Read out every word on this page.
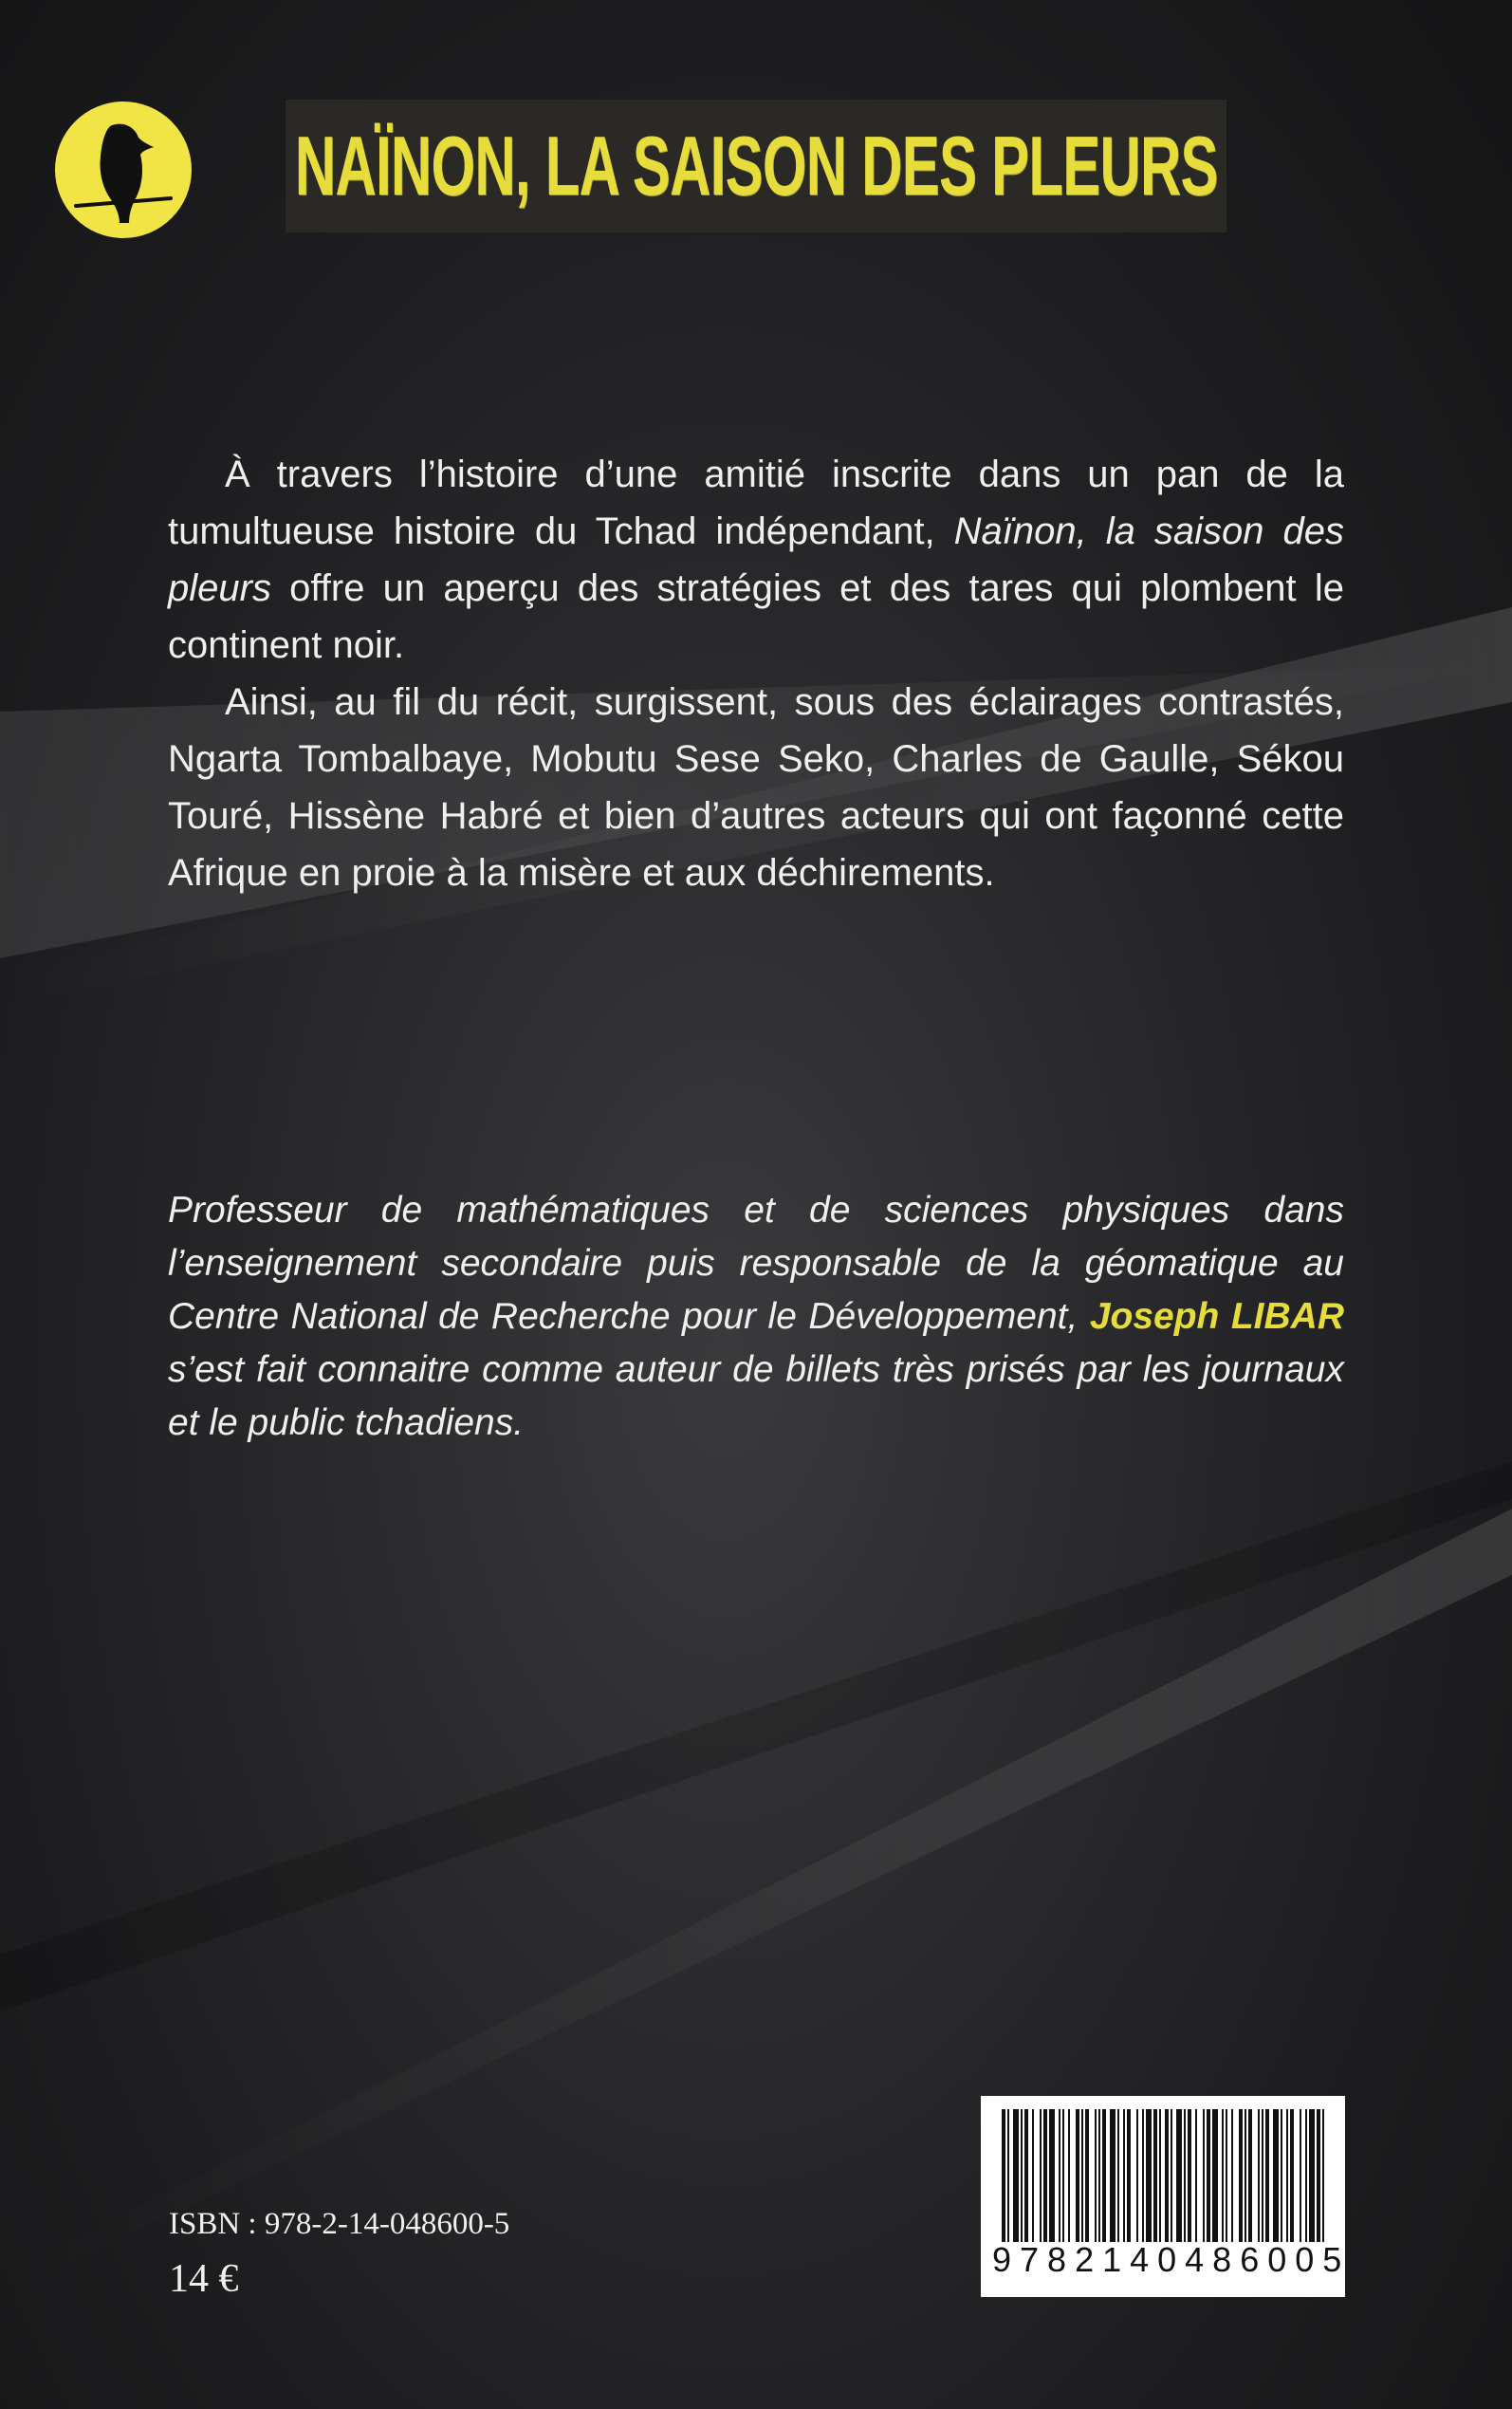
NAÏNON, LA SAISON DES PLEURS

À travers l’histoire d’une amitié inscrite dans un pan de la tumultueuse histoire du Tchad indépendant, Naïnon, la saison des pleurs offre un aperçu des stratégies et des tares qui plombent le continent noir.

Ainsi, au fil du récit, surgissent, sous des éclairages contrastés, Ngarta Tombalbaye, Mobutu Sese Seko, Charles de Gaulle, Sékou Touré, Hissène Habré et bien d’autres acteurs qui ont façonné cette Afrique en proie à la misère et aux déchirements.

Professeur de mathématiques et de sciences physiques dans l’enseignement secondaire puis responsable de la géomatique au Centre National de Recherche pour le Développement, Joseph LIBAR s’est fait connaitre comme auteur de billets très prisés par les journaux et le public tchadiens.

ISBN : 978-2-14-048600-5
14 €	9782140486005
